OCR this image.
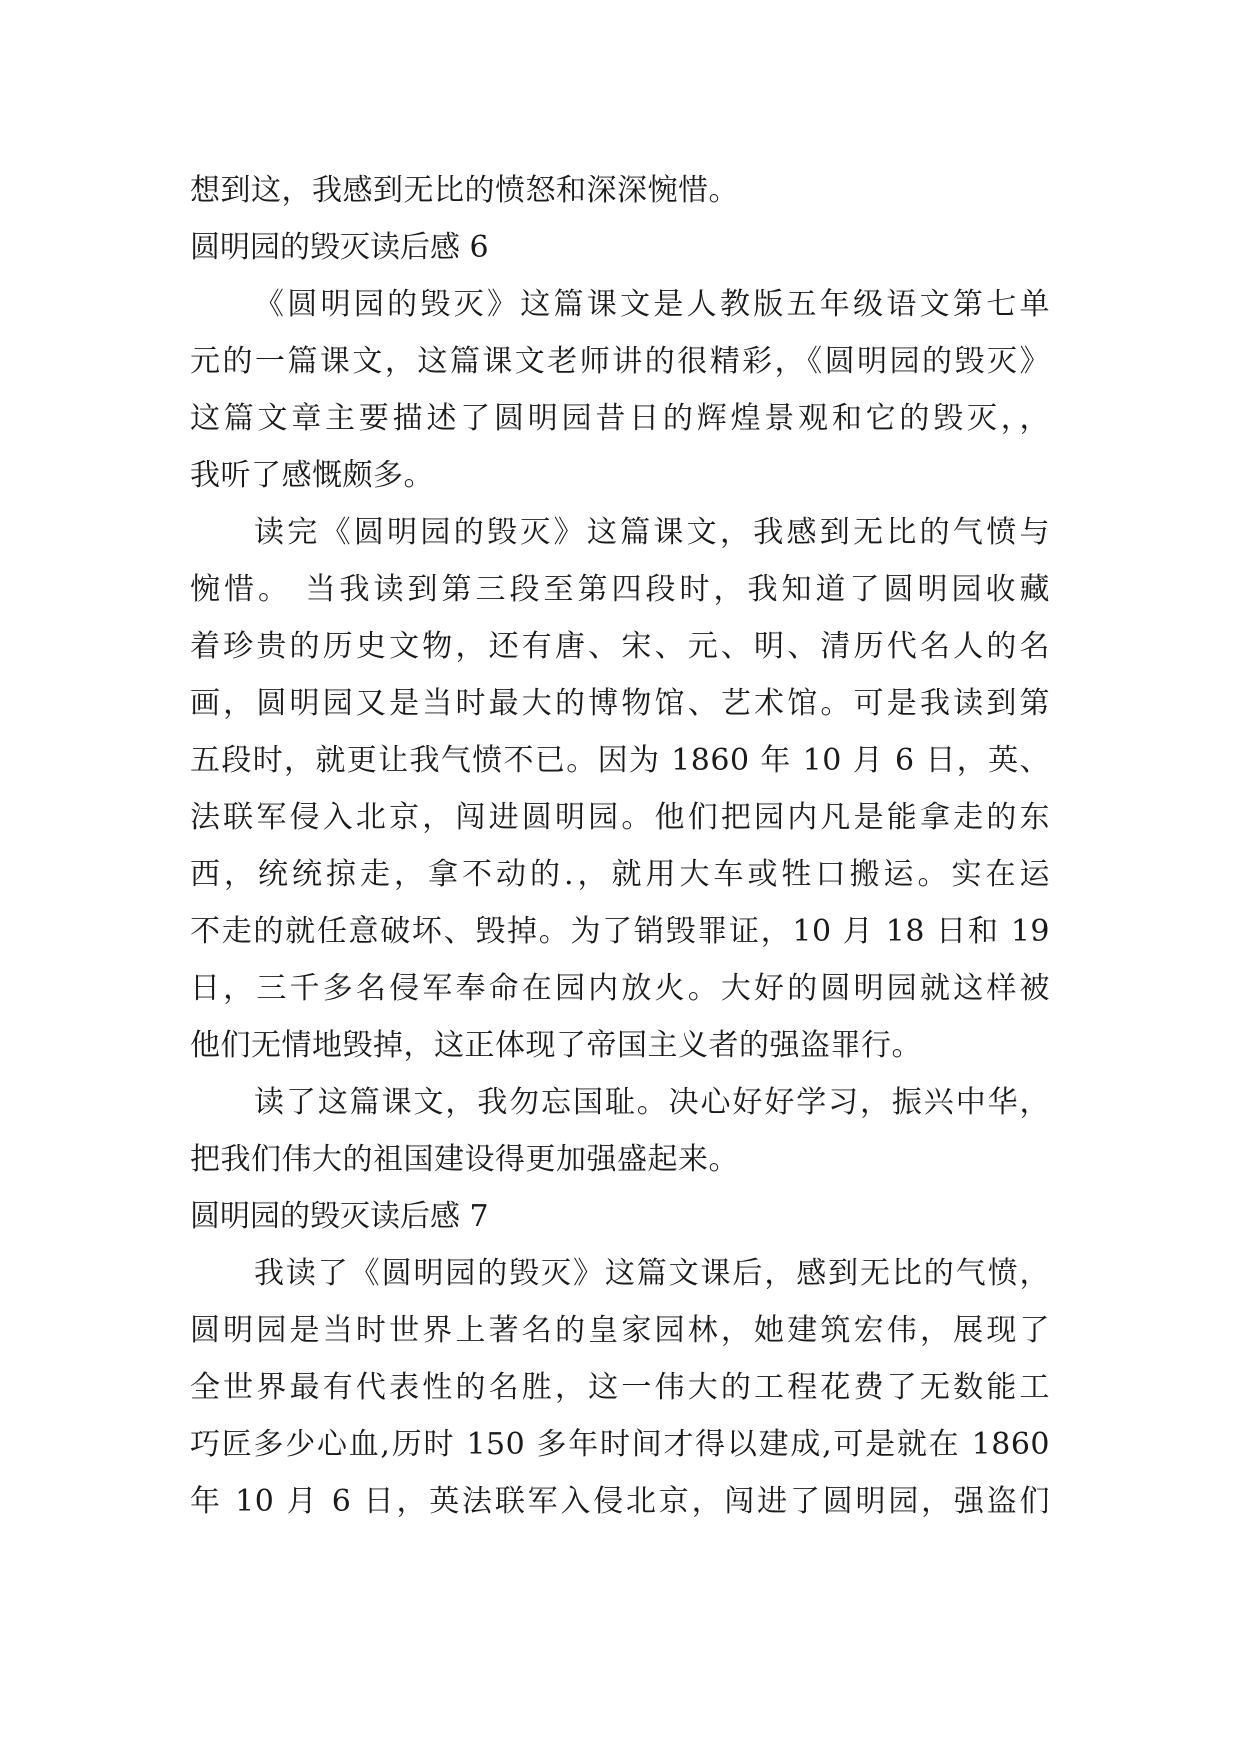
想到这，我感到无比的愤怒和深深惋惜。
圆明园的毁灭读后感 6
《圆明园的毁灭》这篇课文是人教版五年级语文第七单
元的一篇课文，这篇课文老师讲的很精彩，《圆明园的毁灭》
这篇文章主要描述了圆明园昔日的辉煌景观和它的毁灭，，
我听了感慨颇多。
读完《圆明园的毁灭》这篇课文，我感到无比的气愤与
惋惜。 当我读到第三段至第四段时，我知道了圆明园收藏
着珍贵的历史文物，还有唐、宋、元、明、清历代名人的名
画，圆明园又是当时最大的博物馆、艺术馆。可是我读到第
五段时，就更让我气愤不已。因为 1860 年 10 月 6 日，英、
法联军侵入北京，闯进圆明园。他们把园内凡是能拿走的东
西，统统掠走，拿不动的.，就用大车或牲口搬运。实在运
不走的就任意破坏、毁掉。为了销毁罪证，10 月 18 日和 19
日，三千多名侵军奉命在园内放火。大好的圆明园就这样被
他们无情地毁掉，这正体现了帝国主义者的强盗罪行。
读了这篇课文，我勿忘国耻。决心好好学习，振兴中华，
把我们伟大的祖国建设得更加强盛起来。
圆明园的毁灭读后感 7
我读了《圆明园的毁灭》这篇文课后，感到无比的气愤，
圆明园是当时世界上著名的皇家园林，她建筑宏伟，展现了
全世界最有代表性的名胜，这一伟大的工程花费了无数能工
巧匠多少心血,历时 150 多年时间才得以建成,可是就在 1860
年 10 月 6 日，英法联军入侵北京，闯进了圆明园，强盗们
